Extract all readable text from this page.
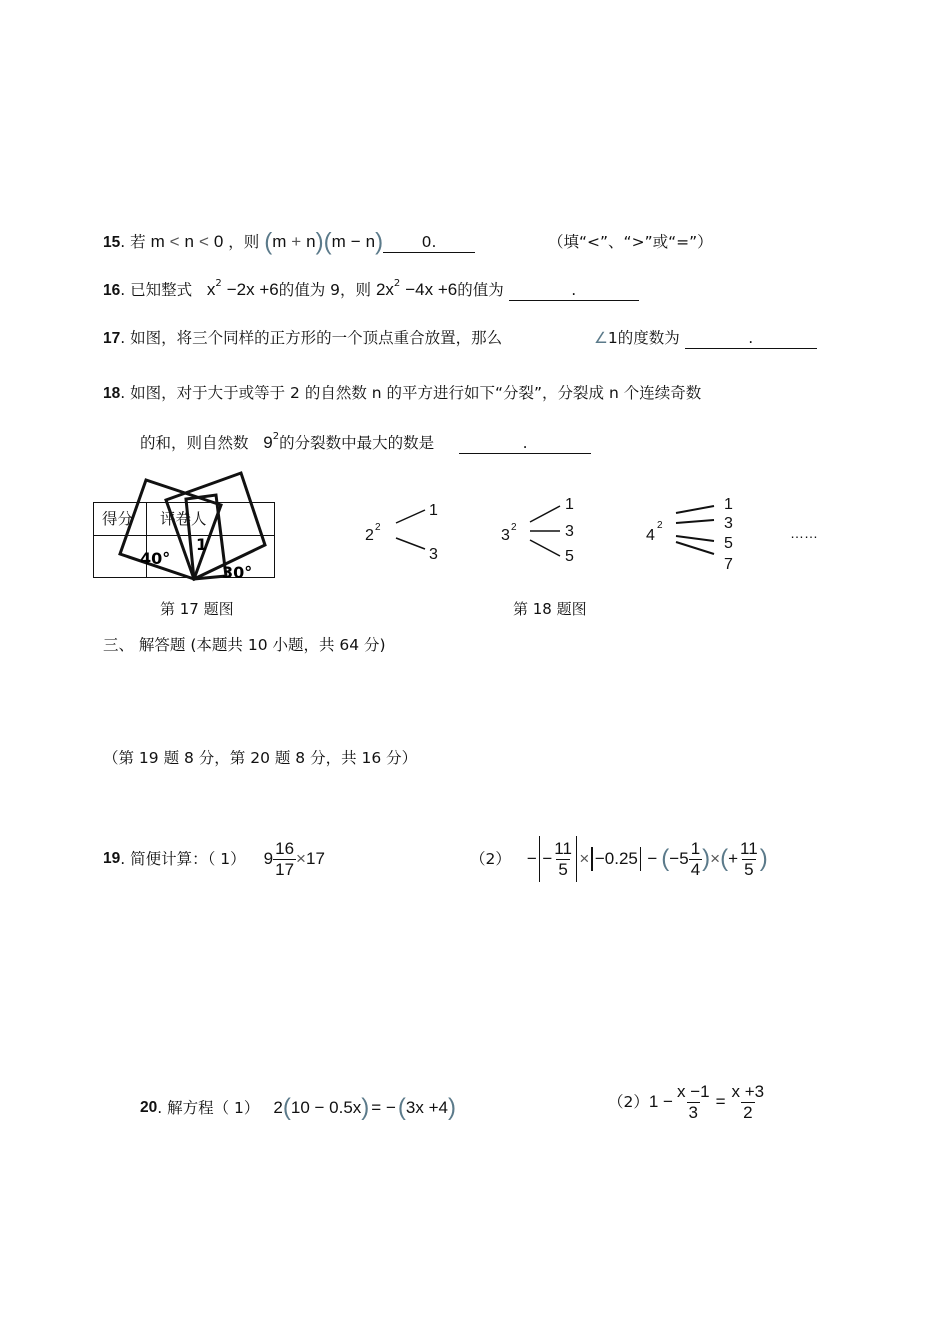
15. 若 m < n < 0 ，则 (m + n)(m − n) 0.	（填“<”、“>”或“=”）
16. 已知整式 $x^2 -2x +6$的值为 9，则 $2x^2 -4x +6$的值为	.
17. 如图，将三个同样的正方形的一个顶点重合放置，那么	∠1的度数为	.
18. 如图，对于大于或等于 2 的自然数 n 的平方进行如下“分裂”，分裂成 n 个连续奇数
的和，则自然数 $9^2$的分裂数中最大的数是	.
得分 评卷人
40°
1
30°
第 17 题图
2 2
1
3
3 2
1
3
5
4
2
1
3
5
7
……
第 18 题图
三、 解答题 (本题共 10 小题，共 64 分)
（第 19 题 8 分，第 20 题 8 分，共 16 分）
19 . 简便计算：（ 1） $9 \frac{16}{17} \times 17$	（2） − − $\frac{11}{5} \times -0.25$ − ( $-5 \frac{1}{4}$ ) × ( + $\frac{11}{5}$ )
20 . 解方程（ 1） 2 ( 10 − 0.5x ) = − ( 3x +4 )	（2） $1 - \frac{x -1}{3} = \frac{x +3}{2}$
